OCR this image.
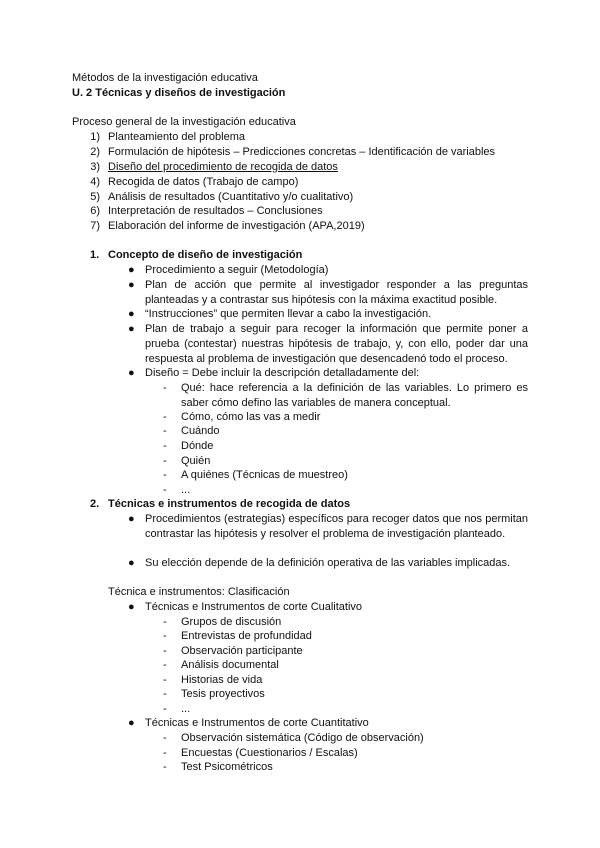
Métodos de la investigación educativa
U. 2 Técnicas y diseños de investigación
Proceso general de la investigación educativa
1) Planteamiento del problema
2) Formulación de hipótesis – Predicciones concretas – Identificación de variables
3) Diseño del procedimiento de recogida de datos
4) Recogida de datos (Trabajo de campo)
5) Análisis de resultados (Cuantitativo y/o cualitativo)
6) Interpretación de resultados – Conclusiones
7) Elaboración del informe de investigación (APA,2019)
1. Concepto de diseño de investigación
● Procedimiento a seguir (Metodología)
● Plan de acción que permite al investigador responder a las preguntas planteadas y a contrastar sus hipótesis con la máxima exactitud posible.
● “Instrucciones” que permiten llevar a cabo la investigación.
● Plan de trabajo a seguir para recoger la información que permite poner a prueba (contestar) nuestras hipótesis de trabajo, y, con ello, poder dar una respuesta al problema de investigación que desencadenó todo el proceso.
● Diseño = Debe incluir la descripción detalladamente del:
- Qué: hace referencia a la definición de las variables. Lo primero es saber cómo defino las variables de manera conceptual.
- Cómo, cómo las vas a medir
- Cuándo
- Dónde
- Quién
- A quiénes (Técnicas de muestreo)
- ...
2. Técnicas e instrumentos de recogida de datos
● Procedimientos (estrategias) específicos para recoger datos que nos permitan contrastar las hipótesis y resolver el problema de investigación planteado.
● Su elección depende de la definición operativa de las variables implicadas.
Técnica e instrumentos: Clasificación
● Técnicas e Instrumentos de corte Cualitativo
- Grupos de discusión
- Entrevistas de profundidad
- Observación participante
- Análisis documental
- Historias de vida
- Tesis proyectivos
- ...
● Técnicas e Instrumentos de corte Cuantitativo
- Observación sistemática (Código de observación)
- Encuestas (Cuestionarios / Escalas)
- Test Psicométricos
